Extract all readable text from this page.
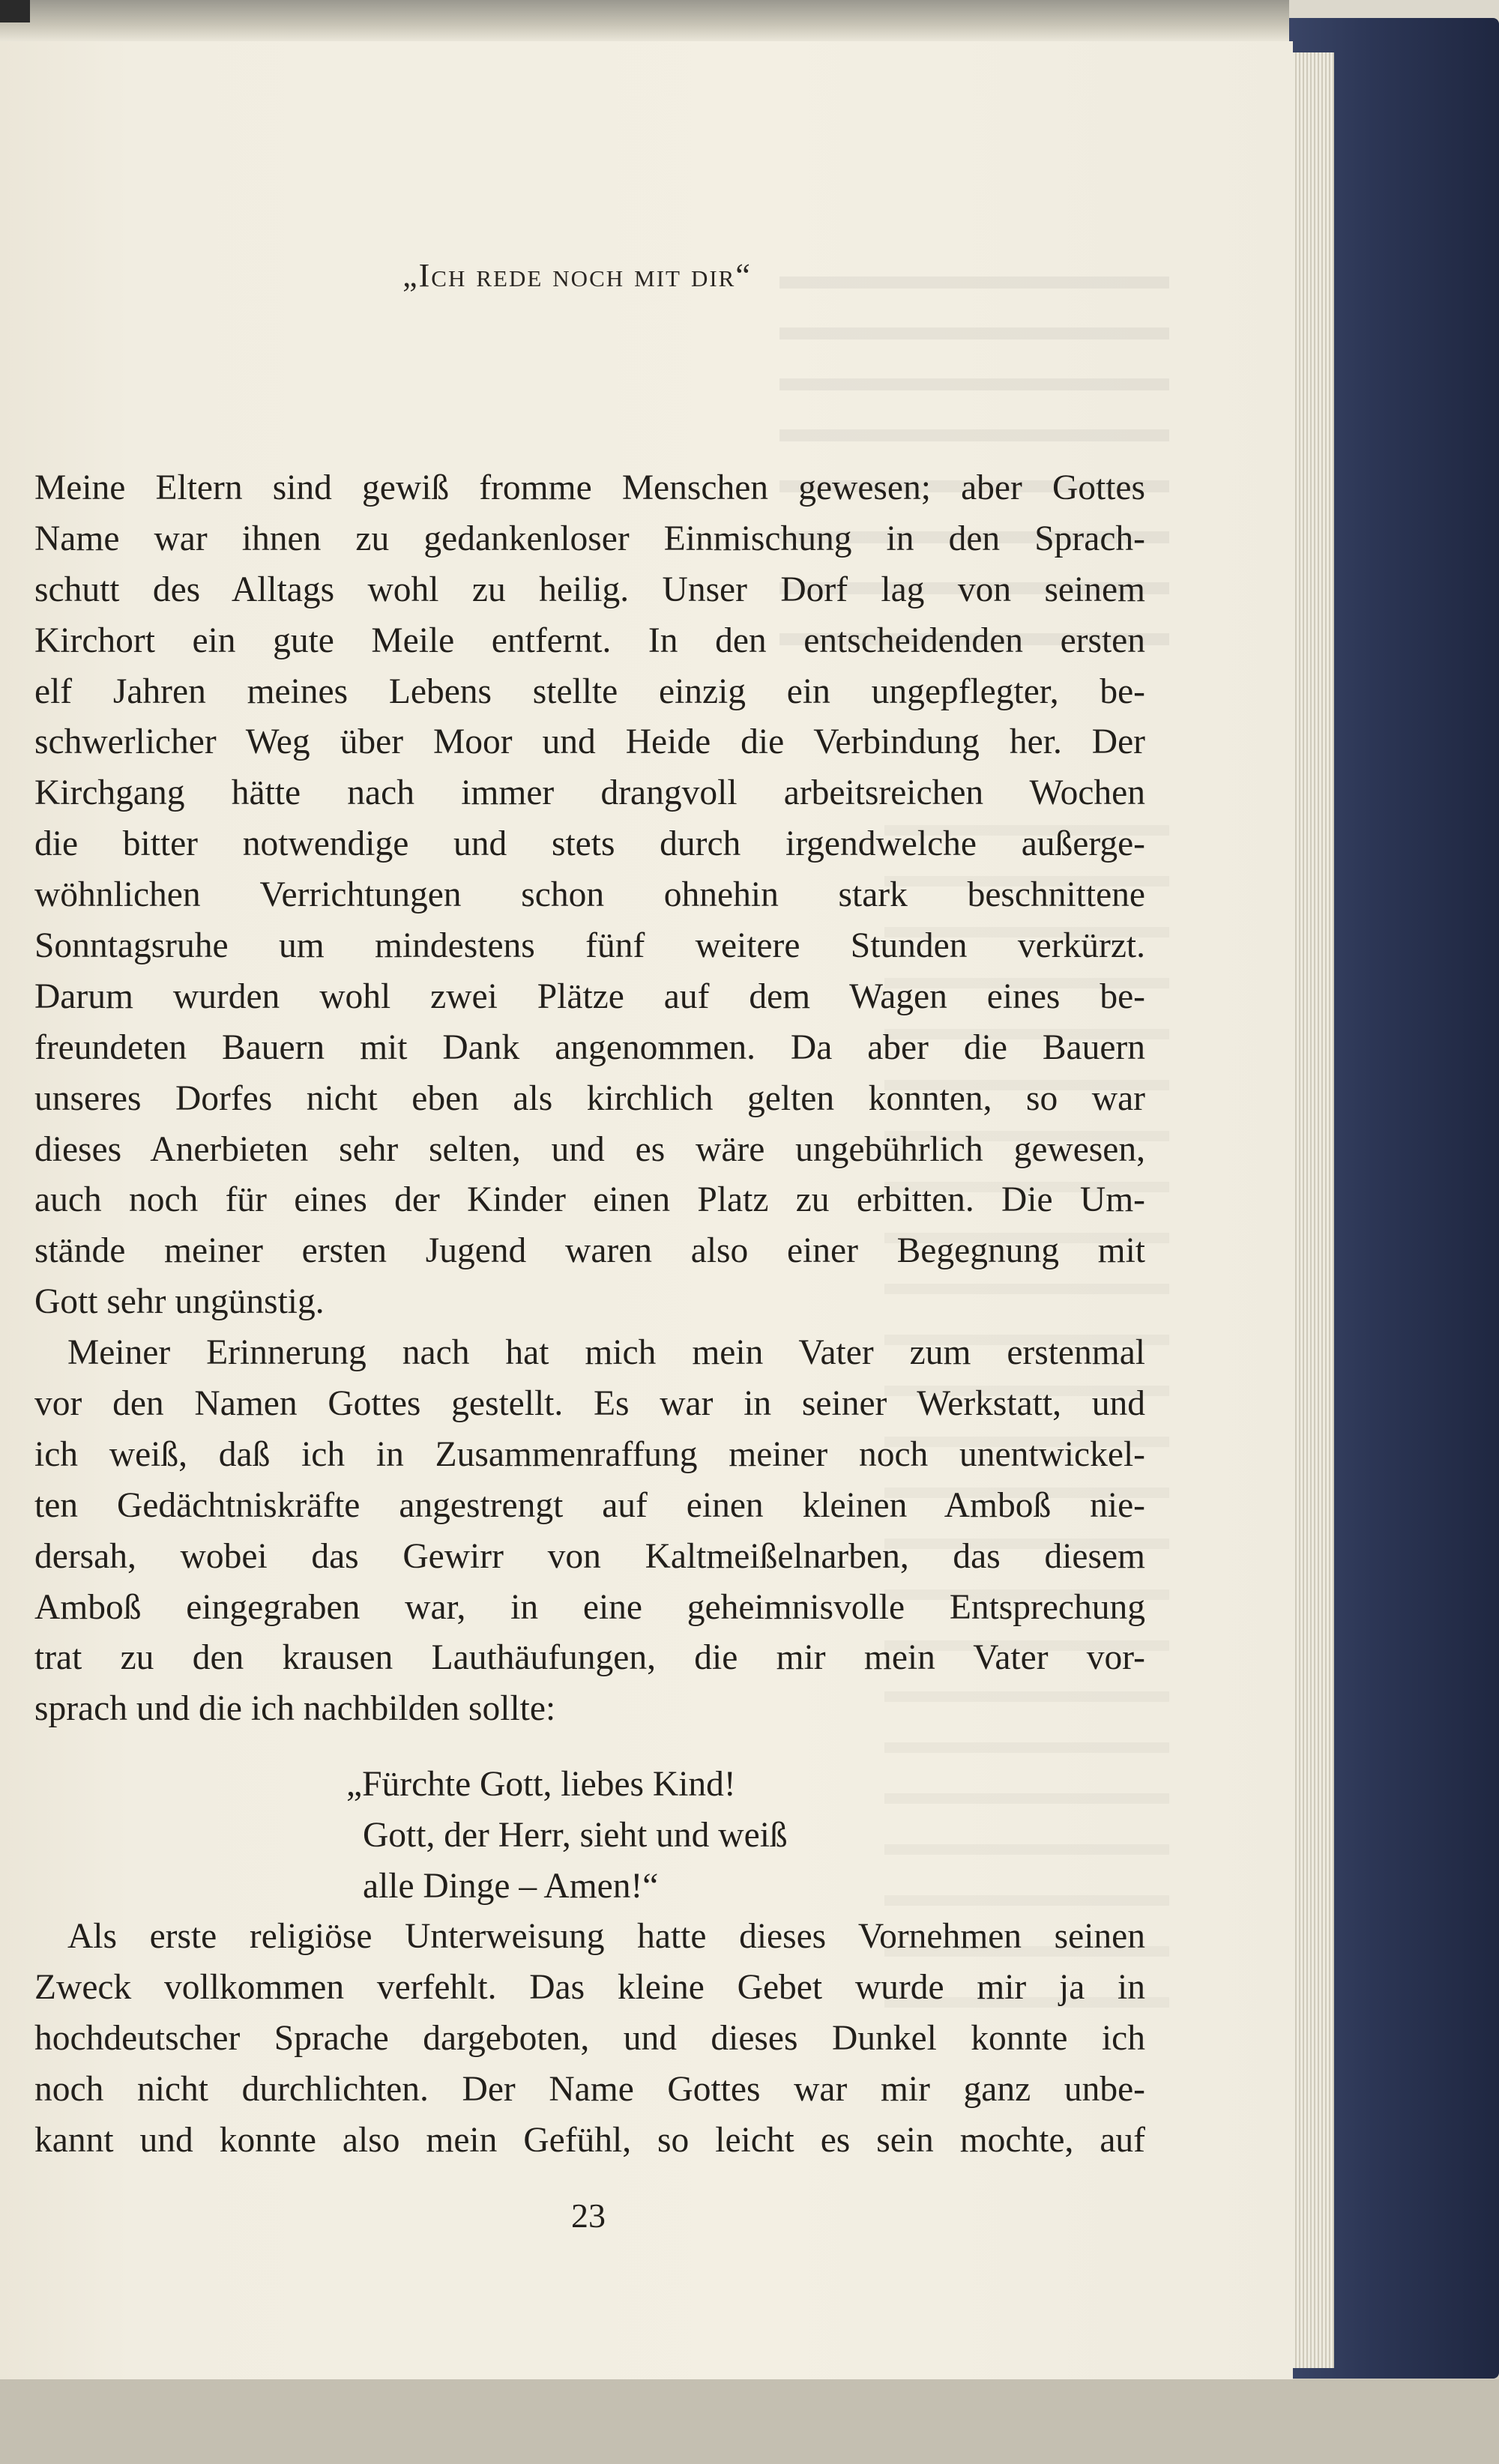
„Ich rede noch mit dir“
Meine Eltern sind gewiß fromme Menschen gewesen; aber Gottes
Name war ihnen zu gedankenloser Einmischung in den Sprach-
schutt des Alltags wohl zu heilig. Unser Dorf lag von seinem
Kirchort ein gute Meile entfernt. In den entscheidenden ersten
elf Jahren meines Lebens stellte einzig ein ungepflegter, be-
schwerlicher Weg über Moor und Heide die Verbindung her. Der
Kirchgang hätte nach immer drangvoll arbeitsreichen Wochen
die bitter notwendige und stets durch irgendwelche außerge-
wöhnlichen Verrichtungen schon ohnehin stark beschnittene
Sonntagsruhe um mindestens fünf weitere Stunden verkürzt.
Darum wurden wohl zwei Plätze auf dem Wagen eines be-
freundeten Bauern mit Dank angenommen. Da aber die Bauern
unseres Dorfes nicht eben als kirchlich gelten konnten, so war
dieses Anerbieten sehr selten, und es wäre ungebührlich gewesen,
auch noch für eines der Kinder einen Platz zu erbitten. Die Um-
stände meiner ersten Jugend waren also einer Begegnung mit
Gott sehr ungünstig.
Meiner Erinnerung nach hat mich mein Vater zum erstenmal
vor den Namen Gottes gestellt. Es war in seiner Werkstatt, und
ich weiß, daß ich in Zusammenraffung meiner noch unentwickel-
ten Gedächtniskräfte angestrengt auf einen kleinen Amboß nie-
dersah, wobei das Gewirr von Kaltmeißelnarben, das diesem
Amboß eingegraben war, in eine geheimnisvolle Entsprechung
trat zu den krausen Lauthäufungen, die mir mein Vater vor-
sprach und die ich nachbilden sollte:
„Fürchte Gott, liebes Kind!
Gott, der Herr, sieht und weiß
alle Dinge – Amen!“
Als erste religiöse Unterweisung hatte dieses Vornehmen seinen
Zweck vollkommen verfehlt. Das kleine Gebet wurde mir ja in
hochdeutscher Sprache dargeboten, und dieses Dunkel konnte ich
noch nicht durchlichten. Der Name Gottes war mir ganz unbe-
kannt und konnte also mein Gefühl, so leicht es sein mochte, auf
23
